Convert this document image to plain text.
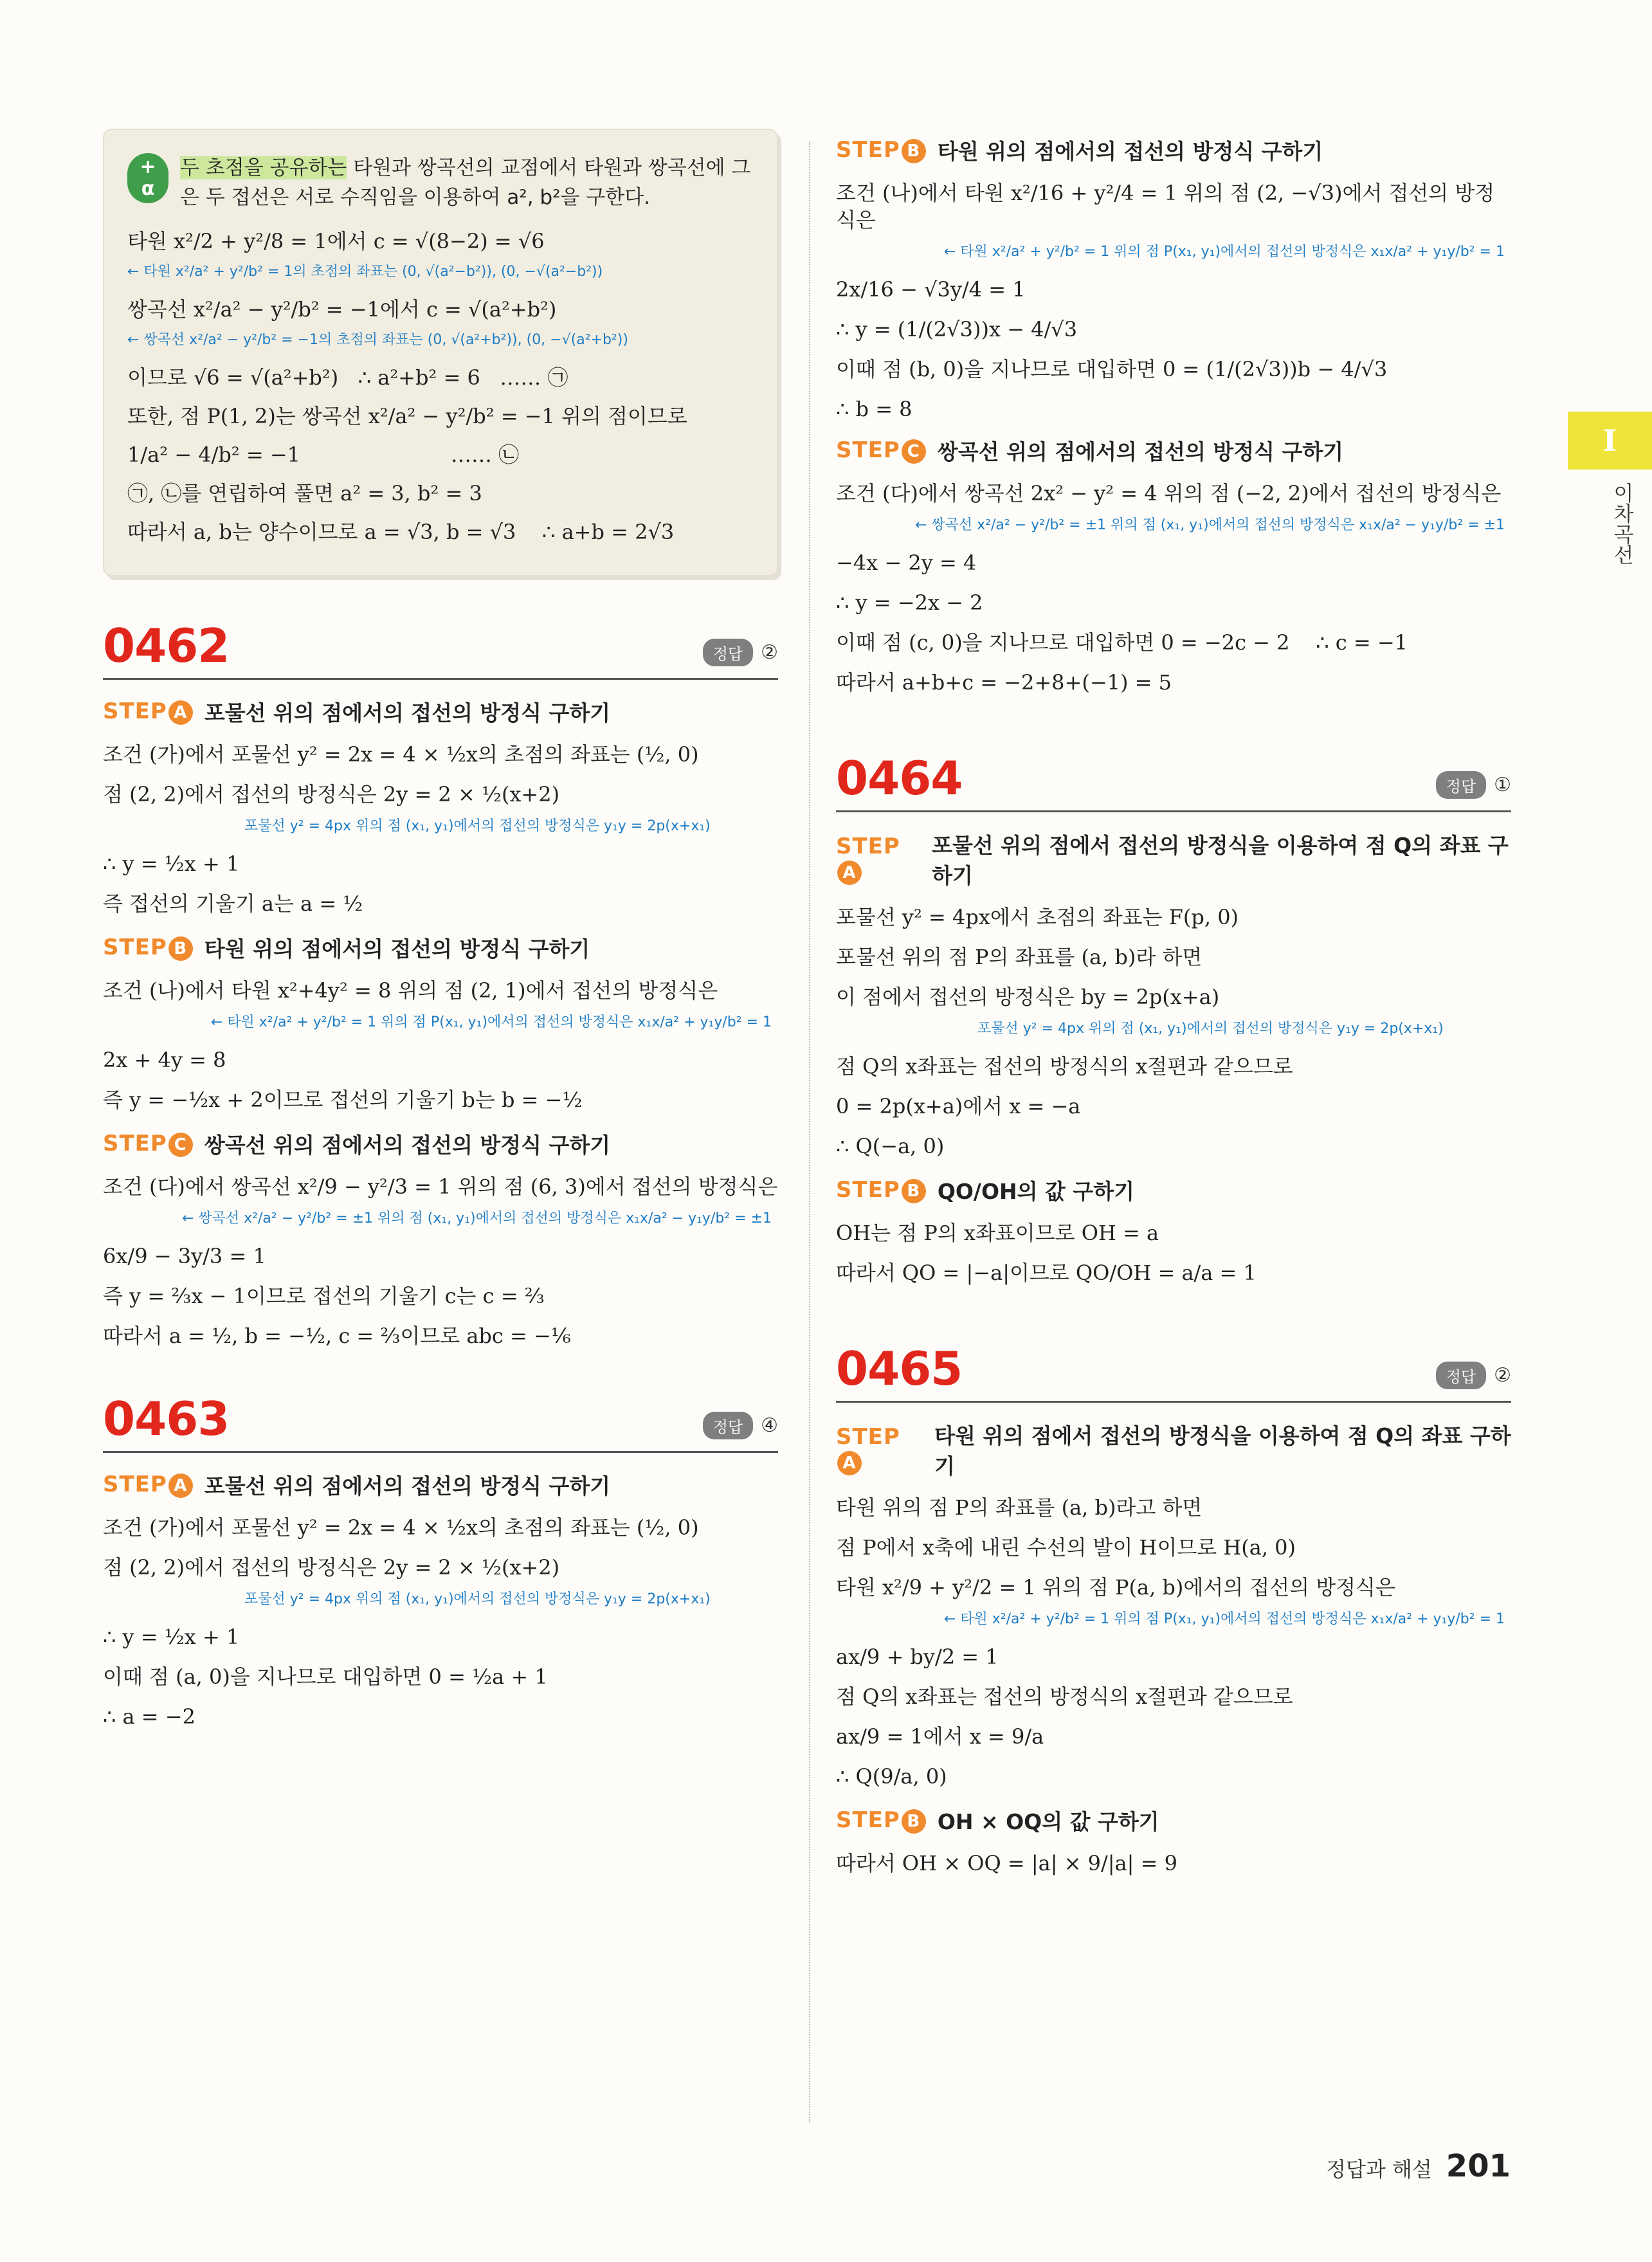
+
α
두 초점을 공유하는 타원과 쌍곡선의 교점에서 타원과 쌍곡선에 그은 두 접선은 서로 수직임을 이용하여 a², b²을 구한다.
타원 x²/2 + y²/8 = 1에서 c = √(8−2) = √6
← 타원 x²/a² + y²/b² = 1의 초점의 좌표는 (0, √(a²−b²)), (0, −√(a²−b²))
쌍곡선 x²/a² − y²/b² = −1에서 c = √(a²+b²)
← 쌍곡선 x²/a² − y²/b² = −1의 초점의 좌표는 (0, √(a²+b²)), (0, −√(a²+b²))
이므로 √6 = √(a²+b²)   ∴ a²+b² = 6   …… ㉠
또한, 점 P(1, 2)는 쌍곡선 x²/a² − y²/b² = −1 위의 점이므로
1/a² − 4/b² = −1                       …… ㉡
㉠, ㉡를 연립하여 풀면 a² = 3, b² = 3
따라서 a, b는 양수이므로 a = √3, b = √3    ∴ a+b = 2√3
0462	정답 ②
STEP A 포물선 위의 점에서의 접선의 방정식 구하기
조건 (가)에서 포물선 y² = 2x = 4 × ½x의 초점의 좌표는 (½, 0)
점 (2, 2)에서 접선의 방정식은 2y = 2 × ½(x+2)
포물선 y² = 4px 위의 점 (x₁, y₁)에서의 접선의 방정식은 y₁y = 2p(x+x₁)
∴ y = ½x + 1
즉 접선의 기울기 a는 a = ½
STEP B 타원 위의 점에서의 접선의 방정식 구하기
조건 (나)에서 타원 x²+4y² = 8 위의 점 (2, 1)에서 접선의 방정식은
← 타원 x²/a² + y²/b² = 1 위의 점 P(x₁, y₁)에서의 접선의 방정식은 x₁x/a² + y₁y/b² = 1
2x + 4y = 8
즉 y = −½x + 2이므로 접선의 기울기 b는 b = −½
STEP C 쌍곡선 위의 점에서의 접선의 방정식 구하기
조건 (다)에서 쌍곡선 x²/9 − y²/3 = 1 위의 점 (6, 3)에서 접선의 방정식은
← 쌍곡선 x²/a² − y²/b² = ±1 위의 점 (x₁, y₁)에서의 접선의 방정식은 x₁x/a² − y₁y/b² = ±1
6x/9 − 3y/3 = 1
즉 y = ⅔x − 1이므로 접선의 기울기 c는 c = ⅔
따라서 a = ½, b = −½, c = ⅔이므로 abc = −⅙
0463	정답 ④
STEP A 포물선 위의 점에서의 접선의 방정식 구하기
조건 (가)에서 포물선 y² = 2x = 4 × ½x의 초점의 좌표는 (½, 0)
점 (2, 2)에서 접선의 방정식은 2y = 2 × ½(x+2)
포물선 y² = 4px 위의 점 (x₁, y₁)에서의 접선의 방정식은 y₁y = 2p(x+x₁)
∴ y = ½x + 1
이때 점 (a, 0)을 지나므로 대입하면 0 = ½a + 1
∴ a = −2
STEP B 타원 위의 점에서의 접선의 방정식 구하기
조건 (나)에서 타원 x²/16 + y²/4 = 1 위의 점 (2, −√3)에서 접선의 방정식은
← 타원 x²/a² + y²/b² = 1 위의 점 P(x₁, y₁)에서의 접선의 방정식은 x₁x/a² + y₁y/b² = 1
2x/16 − √3y/4 = 1
∴ y = (1/(2√3))x − 4/√3
이때 점 (b, 0)을 지나므로 대입하면 0 = (1/(2√3))b − 4/√3
∴ b = 8
STEP C 쌍곡선 위의 점에서의 접선의 방정식 구하기
조건 (다)에서 쌍곡선 2x² − y² = 4 위의 점 (−2, 2)에서 접선의 방정식은
← 쌍곡선 x²/a² − y²/b² = ±1 위의 점 (x₁, y₁)에서의 접선의 방정식은 x₁x/a² − y₁y/b² = ±1
−4x − 2y = 4
∴ y = −2x − 2
이때 점 (c, 0)을 지나므로 대입하면 0 = −2c − 2    ∴ c = −1
따라서 a+b+c = −2+8+(−1) = 5
0464	정답 ①
STEPA
포물선 위의 점에서 접선의 방정식을 이용하여 점 Q의 좌표 구하기
포물선 y² = 4px에서 초점의 좌표는 F(p, 0)
포물선 위의 점 P의 좌표를 (a, b)라 하면
이 점에서 접선의 방정식은 by = 2p(x+a)
포물선 y² = 4px 위의 점 (x₁, y₁)에서의 접선의 방정식은 y₁y = 2p(x+x₁)
점 Q의 x좌표는 접선의 방정식의 x절편과 같으므로
0 = 2p(x+a)에서 x = −a
∴ Q(−a, 0)
STEP B QO/OH의 값 구하기
OH는 점 P의 x좌표이므로 OH = a
따라서 QO = |−a|이므로 QO/OH = a/a = 1
0465	정답 ②
STEPA
타원 위의 점에서 접선의 방정식을 이용하여 점 Q의 좌표 구하기
타원 위의 점 P의 좌표를 (a, b)라고 하면
점 P에서 x축에 내린 수선의 발이 H이므로 H(a, 0)
타원 x²/9 + y²/2 = 1 위의 점 P(a, b)에서의 접선의 방정식은
← 타원 x²/a² + y²/b² = 1 위의 점 P(x₁, y₁)에서의 접선의 방정식은 x₁x/a² + y₁y/b² = 1
ax/9 + by/2 = 1
점 Q의 x좌표는 접선의 방정식의 x절편과 같으므로
ax/9 = 1에서 x = 9/a
∴ Q(9/a, 0)
STEP B OH × OQ의 값 구하기
따라서 OH × OQ = |a| × 9/|a| = 9
I
이차곡선
정답과 해설 201
